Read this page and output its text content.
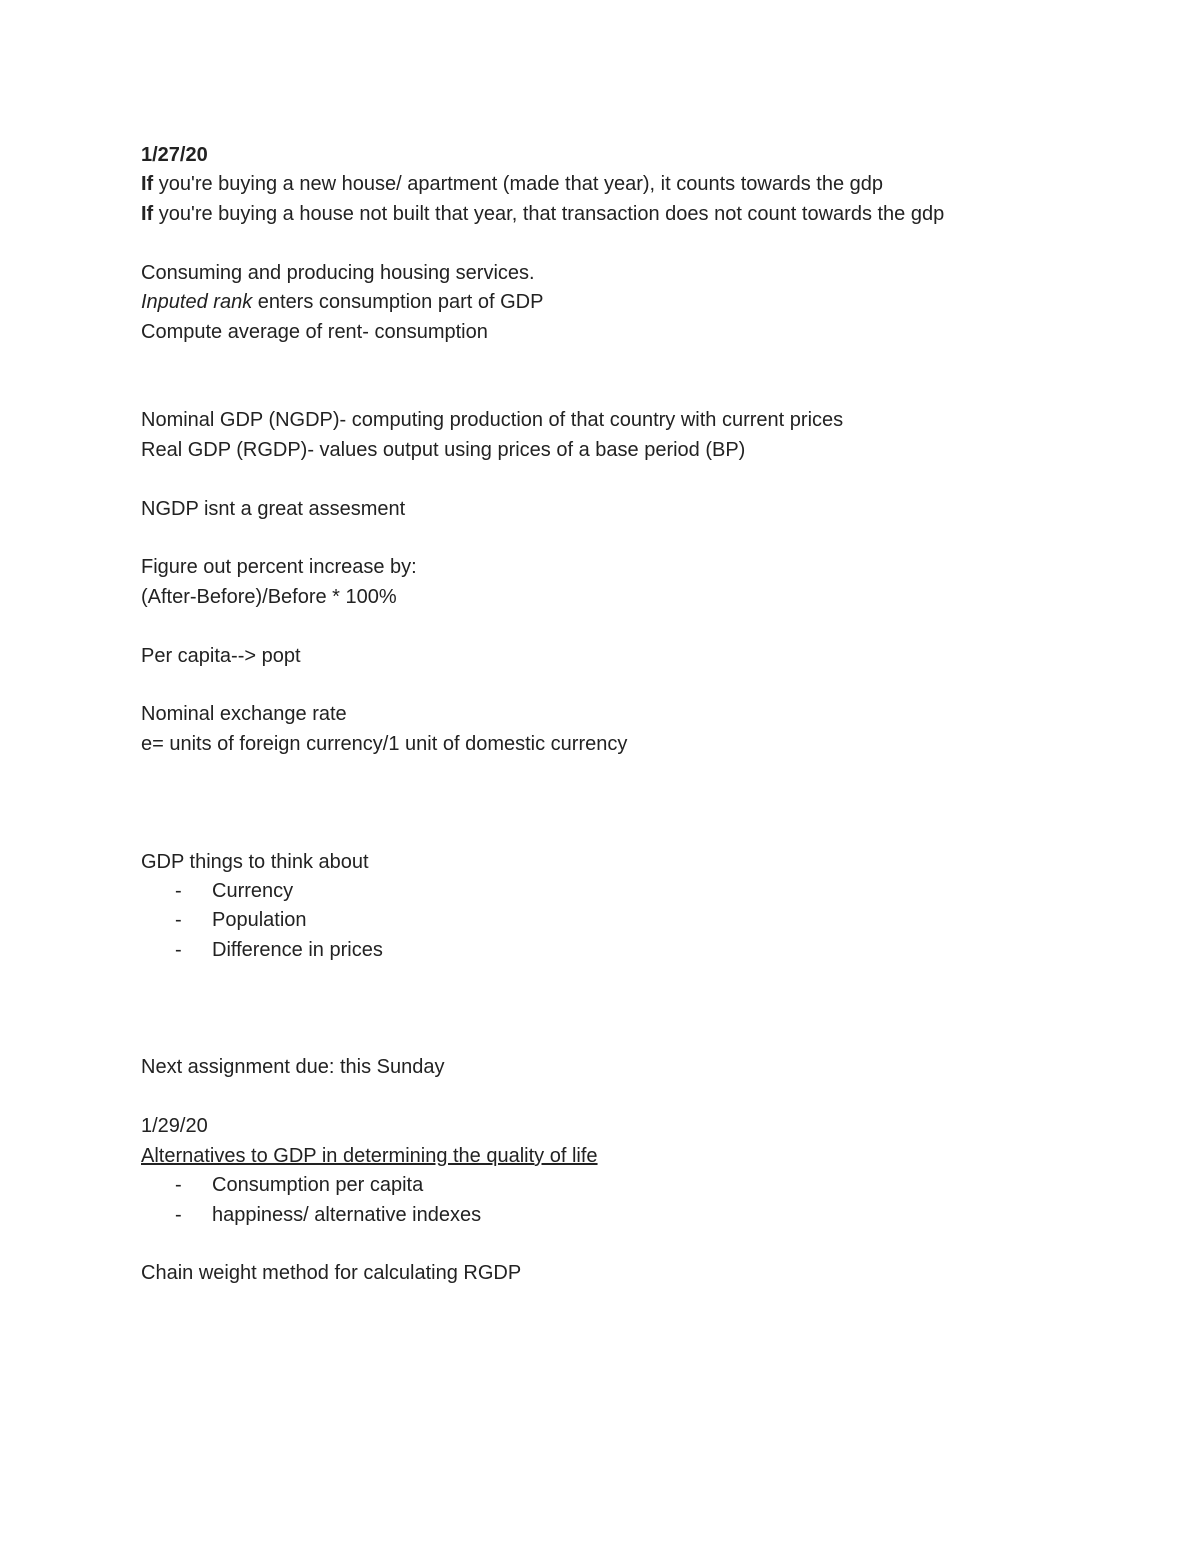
1/27/20
If you're buying a new house/ apartment (made that year), it counts towards the gdp
If you're buying a house not built that year, that transaction does not count towards the gdp
Consuming and producing housing services.
Inputed rank enters consumption part of GDP
Compute average of rent- consumption
Nominal GDP (NGDP)- computing production of that country with current prices
Real GDP (RGDP)- values output using prices of a base period (BP)
NGDP isnt a great assesment
Figure out percent increase by:
(After-Before)/Before * 100%
Per capita--> popt
Nominal exchange rate
e= units of foreign currency/1 unit of domestic currency
GDP things to think about
- Currency
- Population
- Difference in prices
Next assignment due: this Sunday
1/29/20
Alternatives to GDP in determining the quality of life
- Consumption per capita
- happiness/ alternative indexes
Chain weight method for calculating RGDP
